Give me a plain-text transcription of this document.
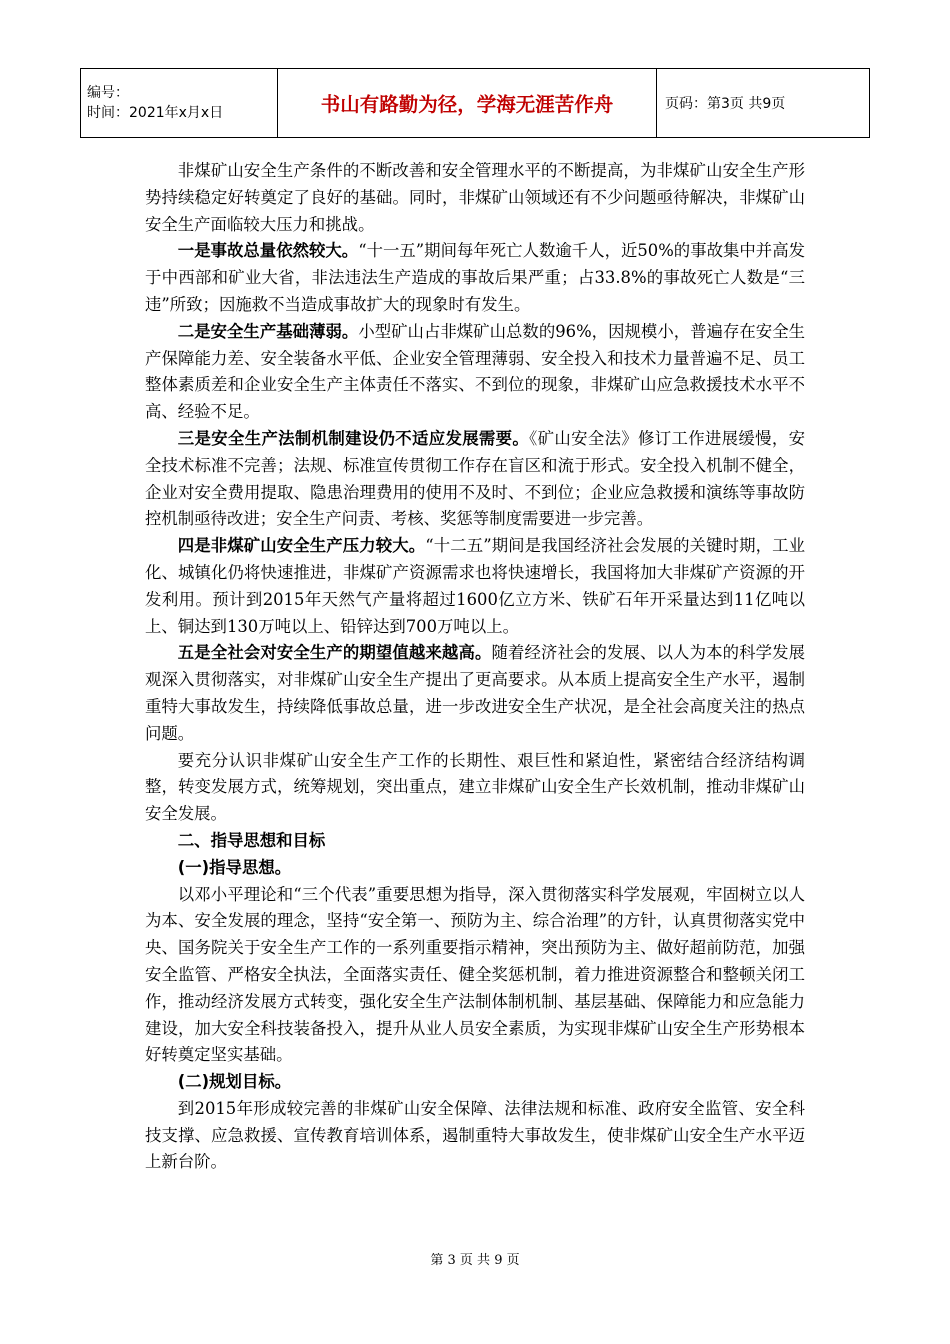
编号：
时间：2021年x月x日	书山有路勤为径，学海无涯苦作舟	页码：第3页 共9页

非煤矿山安全生产条件的不断改善和安全管理水平的不断提高，为非煤矿山安全生产形势持续稳定好转奠定了良好的基础。同时，非煤矿山领域还有不少问题亟待解决，非煤矿山安全生产面临较大压力和挑战。

一是事故总量依然较大。“十一五”期间每年死亡人数逾千人，近50%的事故集中并高发于中西部和矿业大省，非法违法生产造成的事故后果严重；占33.8%的事故死亡人数是“三违”所致；因施救不当造成事故扩大的现象时有发生。

二是安全生产基础薄弱。小型矿山占非煤矿山总数的96%，因规模小，普遍存在安全生产保障能力差、安全装备水平低、企业安全管理薄弱、安全投入和技术力量普遍不足、员工整体素质差和企业安全生产主体责任不落实、不到位的现象，非煤矿山应急救援技术水平不高、经验不足。

三是安全生产法制机制建设仍不适应发展需要。《矿山安全法》修订工作进展缓慢，安全技术标准不完善；法规、标准宣传贯彻工作存在盲区和流于形式。安全投入机制不健全，企业对安全费用提取、隐患治理费用的使用不及时、不到位；企业应急救援和演练等事故防控机制亟待改进；安全生产问责、考核、奖惩等制度需要进一步完善。

四是非煤矿山安全生产压力较大。“十二五”期间是我国经济社会发展的关键时期，工业化、城镇化仍将快速推进，非煤矿产资源需求也将快速增长，我国将加大非煤矿产资源的开发利用。预计到2015年天然气产量将超过1600亿立方米、铁矿石年开采量达到11亿吨以上、铜达到130万吨以上、铅锌达到700万吨以上。

五是全社会对安全生产的期望值越来越高。随着经济社会的发展、以人为本的科学发展观深入贯彻落实，对非煤矿山安全生产提出了更高要求。从本质上提高安全生产水平，遏制重特大事故发生，持续降低事故总量，进一步改进安全生产状况，是全社会高度关注的热点问题。

要充分认识非煤矿山安全生产工作的长期性、艰巨性和紧迫性，紧密结合经济结构调整，转变发展方式，统筹规划，突出重点，建立非煤矿山安全生产长效机制，推动非煤矿山安全发展。

二、指导思想和目标

(一)指导思想。

以邓小平理论和“三个代表”重要思想为指导，深入贯彻落实科学发展观，牢固树立以人为本、安全发展的理念，坚持“安全第一、预防为主、综合治理”的方针，认真贯彻落实党中央、国务院关于安全生产工作的一系列重要指示精神，突出预防为主、做好超前防范，加强安全监管、严格安全执法，全面落实责任、健全奖惩机制，着力推进资源整合和整顿关闭工作，推动经济发展方式转变，强化安全生产法制体制机制、基层基础、保障能力和应急能力建设，加大安全科技装备投入，提升从业人员安全素质，为实现非煤矿山安全生产形势根本好转奠定坚实基础。

(二)规划目标。

到2015年形成较完善的非煤矿山安全保障、法律法规和标准、政府安全监管、安全科技支撑、应急救援、宣传教育培训体系，遏制重特大事故发生，使非煤矿山安全生产水平迈上新台阶。

第 3 页 共 9 页
